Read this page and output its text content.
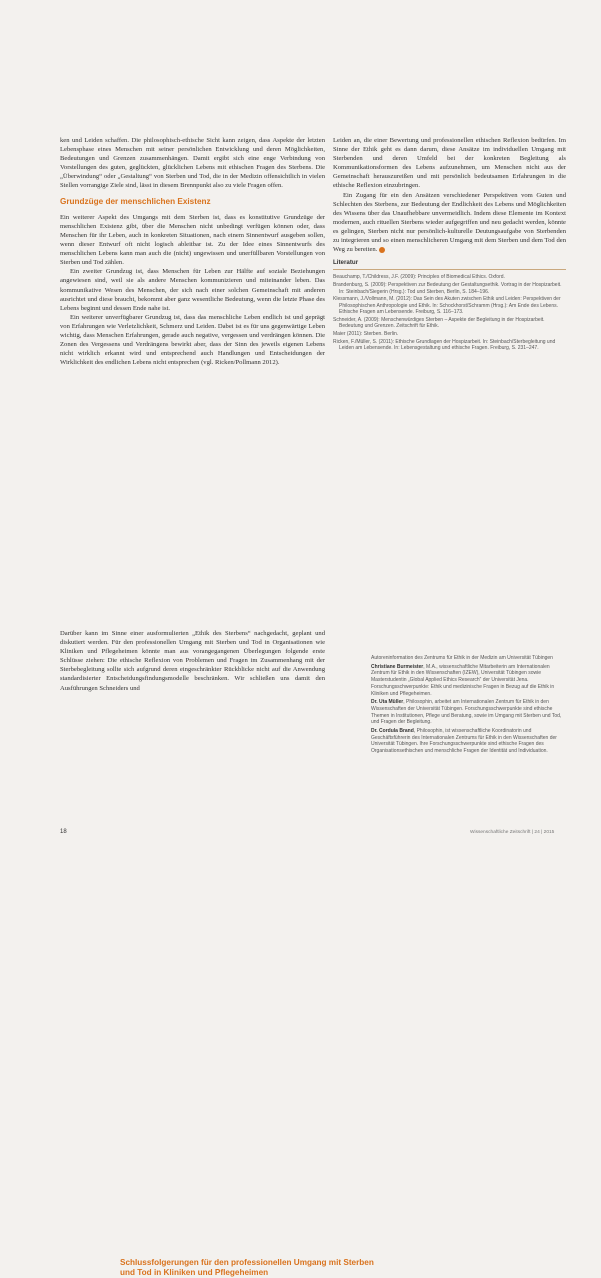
ken und Leiden schaffen. Die philosophisch-ethische Sicht kann zeigen, dass Aspekte der letzten Lebensphase eines Menschen mit seiner persönlichen Entwicklung und deren Möglichkeiten, Bedeutungen und Grenzen zusammenhängen. Damit ergibt sich eine enge Verbindung von Vorstellungen des guten, geglückten, glücklichen Lebens mit ethischen Fragen des Sterbens. Die „Überwindung“ oder „Gestaltung“ von Sterben und Tod, die in der Medizin offensichtlich in vielen Stellen vorrangige Ziele sind, lässt in diesem Brennpunkt also zu viele Fragen offen.

Grundzüge der menschlichen Existenz

Ein weiterer Aspekt des Umgangs mit dem Sterben ist, dass es konstitutive Grundzüge der menschlichen Existenz gibt, über die Menschen nicht unbedingt verfügen können oder, dass Menschen für ihr Leben, auch in konkreten Situationen, nach einem Sinnentwurf ausgeben sollen, wenn dieser Entwurf oft nicht logisch ableitbar ist. Zu der Idee eines Sinnentwurfs des menschlichen Lebens kann man auch die (nicht) ungewissen und unerfüllbaren Vorstellungen von Sterben und Tod zählen.

Ein zweiter Grundzug ist, dass Menschen für Leben zur Hälfte auf soziale Beziehungen angewiesen sind, weil sie als andere Menschen kommunizieren und miteinander leben. Das kommunikative Wesen des Menschen, der sich nach einer solchen Gemeinschaft mit anderen ausrichtet und diese braucht, bekommt aber ganz wesentliche Bedeutung, wenn die letzte Phase des Lebens beginnt und dessen Ende nahe ist.

Ein weiterer unverfügbarer Grundzug ist, dass das menschliche Leben endlich ist und geprägt von Erfahrungen wie Verletzlichkeit, Schmerz und Leiden. Dabei ist es für uns gegenwärtige Leben wichtig, dass Menschen Erfahrungen, gerade auch negative, vergessen und verdrängen können. Die Zonen des Vergessens und Verdrängens bewirkt aber, dass der Sinn des jeweils eigenen Lebens nicht wirklich erkannt wird und entsprechend auch Handlungen und Entscheidungen der Wirklichkeit des endlichen Lebens nicht entsprechen (vgl. Ricken/Pollmann 2012).

Leiden an, die einer Bewertung und professionellen ethischen Reflexion bedürfen. Im Sinne der Ethik geht es dann darum, diese Ansätze im individuellen Umgang mit Sterbenden und deren Umfeld bei der konkreten Begleitung als Kommunikationsformen des Lebens aufzunehmen, um Menschen nicht aus der Gemeinschaft herauszureißen und mit persönlich bedeutsamen Erfahrungen in die ethische Reflexion einzubringen.

Ein Zugang für ein den Ansätzen verschiedener Perspektiven vom Guten und Schlechten des Sterbens, zur Bedeutung der Endlichkeit des Lebens und Möglichkeiten des Wissens über das Unaufhebbare unvermeidlich. Indem diese Elemente im Kontext modernen, auch rituellen Sterbens wieder aufgegriffen und neu gedacht werden, könnte es gelingen, Sterben nicht nur persönlich-kulturelle Deutungsaufgabe von Sterbenden zu integrieren und so einen menschlicheren Umgang mit dem Sterben und dem Tod den Weg zu bereiten.

Literatur
Beauchamp, T./Childress, J.F. (2009): Principles of Biomedical Ethics. Oxford.
Brandenburg, S. (2009): Perspektiven zur Bedeutung der Gestaltungsethik. Vortrag in der Hospizarbeit. In: Steinbach/Siegerin (Hrsg.): Tod und Sterben, Berlin, S. 184–196.
Klessmann, J./Vollmann, M. (2012): Das Sein des Akuten zwischen Ethik und Leiden: Perspektiven der Philosophischen Anthropologie und Ethik. In: Schockhorst/Schramm (Hrsg.): Am Ende des Lebens. Ethische Fragen am Lebensende. Freiburg, S. 116–173.
Schneider, A. (2009): Menschenwürdiges Sterben – Aspekte der Begleitung in der Hospizarbeit. Bedeutung und Grenzen. Zeitschrift für Ethik.
Maier (2011): Sterben. Berlin.
Ricken, F./Müller, S. (2011): Ethische Grundlagen der Hospizarbeit. In: Steinbach/Sterbegleitung und Leiden am Lebensende. In: Lebensgestaltung und ethische Fragen. Freiburg, S. 231–247.
Schlussfolgerungen für den professionellen Umgang mit Sterben und Tod in Kliniken und Pflegeheimen

Darüber kann im Sinne einer ausformulierten „Ethik des Sterbens“ nachgedacht, geplant und diskutiert werden. Für den professionellen Umgang mit Sterben und Tod in Organisationen wie Kliniken und Pflegeheimen könnte man aus vorangegangenen Überlegungen folgende erste Schlüsse ziehen: Die ethische Reflexion von Problemen und Fragen im Zusammenhang mit der Sterbebegleitung sollte sich aufgrund deren eingeschränkter Rückblicke nicht auf die Anwendung standardisierter Entscheidungsfindungsmodelle beschränken. Wir schließen uns damit den Ausführungen Schneiders und

Autoreninformation des Zentrums für Ethik in der Medizin am Universität Tübingen

Christiane Burmeister, M.A., wissenschaftliche Mitarbeiterin am Internationalen Zentrum für Ethik in den Wissenschaften (IZEW), Universität Tübingen sowie Masterstudentin „Global Applied Ethics Research“ der Universität Jena. Forschungsschwerpunkte: Ethik und medizinische Fragen in Bezug auf die Ethik in Kliniken und Pflegeheimen.

Dr. Uta Müller, Philosophin, arbeitet am Internationalen Zentrum für Ethik in den Wissenschaften der Universität Tübingen. Forschungsschwerpunkte sind ethische Themen in Institutionen, Pflege und Beratung, sowie im Umgang mit Sterben und Tod, und Fragen der Begleitung.

Dr. Cordula Brand, Philosophin, ist wissenschaftliche Koordinatorin und Geschäftsführerin des Internationalen Zentrums für Ethik in den Wissenschaften der Universität Tübingen. Ihre Forschungsschwerpunkte sind ethische Fragen des Organisationsethischen und menschliche Fragen der Identität und Individuation.

18	Wissenschaftliche Zeitschrift | 24 | 2015
